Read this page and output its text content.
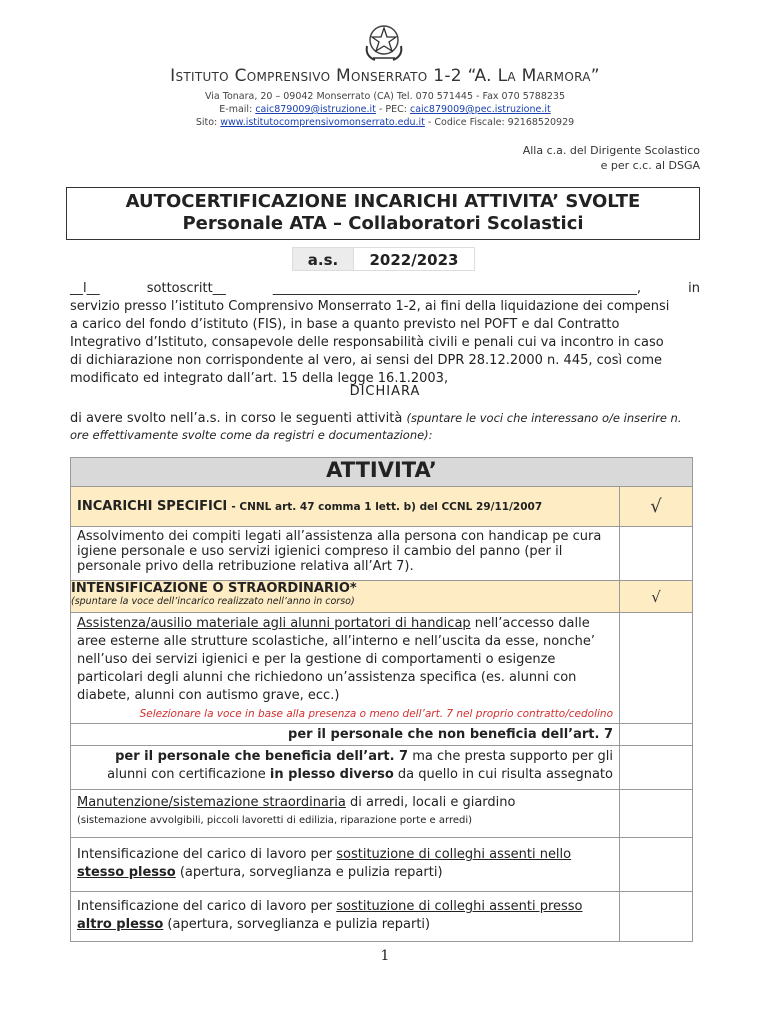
Istituto Comprensivo Monserrato 1-2 “A. La Marmora”
Via Tonara, 20 – 09042 Monserrato (CA) Tel. 070 571445 - Fax 070 5788235
E-mail: caic879009@istruzione.it - PEC: caic879009@pec.istruzione.it
Sito: www.istitutocomprensivomonserrato.edu.it - Codice Fiscale: 92168520929
Alla c.a. del Dirigente Scolastico
e per c.c. al DSGA
AUTOCERTIFICAZIONE INCARICHI ATTIVITA’ SVOLTE
Personale ATA – Collaboratori Scolastici
a.s.	2022/2023
__l__	sottoscritt__	________________________________________________________,	in
servizio presso l’istituto Comprensivo Monserrato 1-2, ai fini della liquidazione dei compensi
a carico del fondo d’istituto (FIS), in base a quanto previsto nel POFT e dal Contratto
Integrativo d’Istituto, consapevole delle responsabilità civili e penali cui va incontro in caso
di dichiarazione non corrispondente al vero, ai sensi del DPR 28.12.2000 n. 445, così come
modificato ed integrato dall’art. 15 della legge 16.1.2003,
DICHIARA
di avere svolto nell’a.s. in corso le seguenti attività (spuntare le voci che interessano o/e inserire n. ore effettivamente svolte come da registri e documentazione):
ATTIVITA’	
INCARICHI SPECIFICI - CNNL art. 47 comma 1 lett. b) del CCNL 29/11/2007	√
Assolvimento dei compiti legati all’assistenza alla persona con handicap pe cura igiene personale e uso servizi igienici compreso il cambio del panno (per il personale privo della retribuzione relativa all’Art 7).	

INTENSIFICAZIONE O STRAORDINARIO*
(spuntare la voce dell’incarico realizzato nell’anno in corso)	√
Assistenza/ausilio materiale agli alunni portatori di handicap nell’accesso dalle aree esterne alle strutture scolastiche, all’interno e nell’uscita da esse, nonche’ nell’uso dei servizi igienici e per la gestione di comportamenti o esigenze particolari degli alunni che richiedono un’assistenza specifica (es. alunni con diabete, alunni con autismo grave, ecc.)
Selezionare la voce in base alla presenza o meno dell’art. 7 nel proprio contratto/cedolino	

per il personale che non beneficia dell’art. 7	
per il personale che beneficia dell’art. 7 ma che presta supporto per gli alunni con certificazione in plesso diverso da quello in cui risulta assegnato	
Manutenzione/sistemazione straordinaria di arredi, locali e giardino
(sistemazione avvolgibili, piccoli lavoretti di edilizia, riparazione porte e arredi)	

Intensificazione del carico di lavoro per sostituzione di colleghi assenti nello
stesso plesso (apertura, sorveglianza e pulizia reparti)	
Intensificazione del carico di lavoro per sostituzione di colleghi assenti presso
altro plesso (apertura, sorveglianza e pulizia reparti)	
1
